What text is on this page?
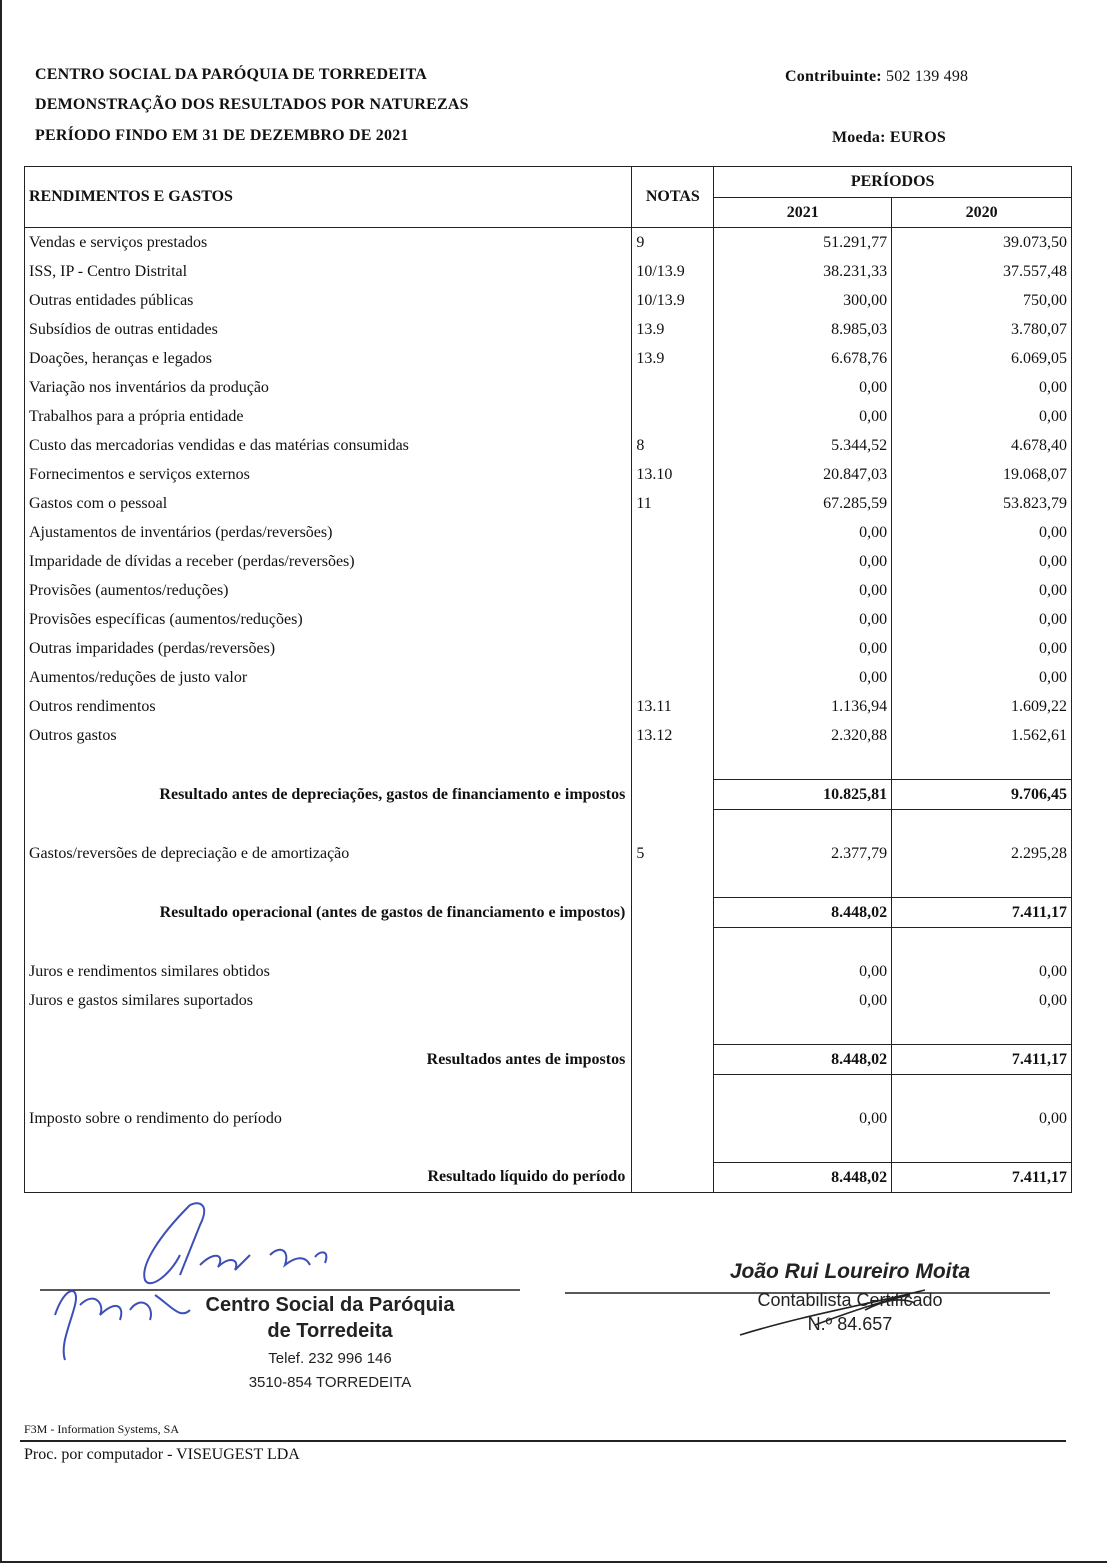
CENTRO SOCIAL DA PARÓQUIA DE TORREDEITA
DEMONSTRAÇÃO DOS RESULTADOS POR NATUREZAS
PERÍODO FINDO EM 31 DE DEZEMBRO DE 2021
Contribuinte: 502 139 498
Moeda: EUROS
RENDIMENTOS E GASTOS	NOTAS	PERÍODOS	
		2021	2020
Vendas e serviços prestados	9	51.291,77	39.073,50
ISS, IP - Centro Distrital	10/13.9	38.231,33	37.557,48
Outras entidades públicas	10/13.9	300,00	750,00
Subsídios de outras entidades	13.9	8.985,03	3.780,07
Doações, heranças e legados	13.9	6.678,76	6.069,05
Variação nos inventários da produção		0,00	0,00
Trabalhos para a própria entidade		0,00	0,00
Custo das mercadorias vendidas e das matérias consumidas	8	5.344,52	4.678,40
Fornecimentos e serviços externos	13.10	20.847,03	19.068,07
Gastos com o pessoal	11	67.285,59	53.823,79
Ajustamentos de inventários (perdas/reversões)		0,00	0,00
Imparidade de dívidas a receber (perdas/reversões)		0,00	0,00
Provisões (aumentos/reduções)		0,00	0,00
Provisões específicas (aumentos/reduções)		0,00	0,00
Outras imparidades (perdas/reversões)		0,00	0,00
Aumentos/reduções de justo valor		0,00	0,00
Outros rendimentos	13.11	1.136,94	1.609,22
Outros gastos	13.12	2.320,88	1.562,61

Resultado antes de depreciações, gastos de financiamento e impostos		10.825,81	9.706,45

Gastos/reversões de depreciação e de amortização	5	2.377,79	2.295,28

Resultado operacional (antes de gastos de financiamento e impostos)		8.448,02	7.411,17

Juros e rendimentos similares obtidos		0,00	0,00
Juros e gastos similares suportados		0,00	0,00

Resultados antes de impostos		8.448,02	7.411,17

Imposto sobre o rendimento do período		0,00	0,00

Resultado líquido do período		8.448,02	7.411,17
Centro Social da Paróquia
de Torredeita
Telef. 232 996 146
3510-854 TORREDEITA
João Rui Loureiro Moita
Contabilista Certificado
N.º 84.657
F3M - Information Systems, SA
Proc. por computador - VISEUGEST LDA
